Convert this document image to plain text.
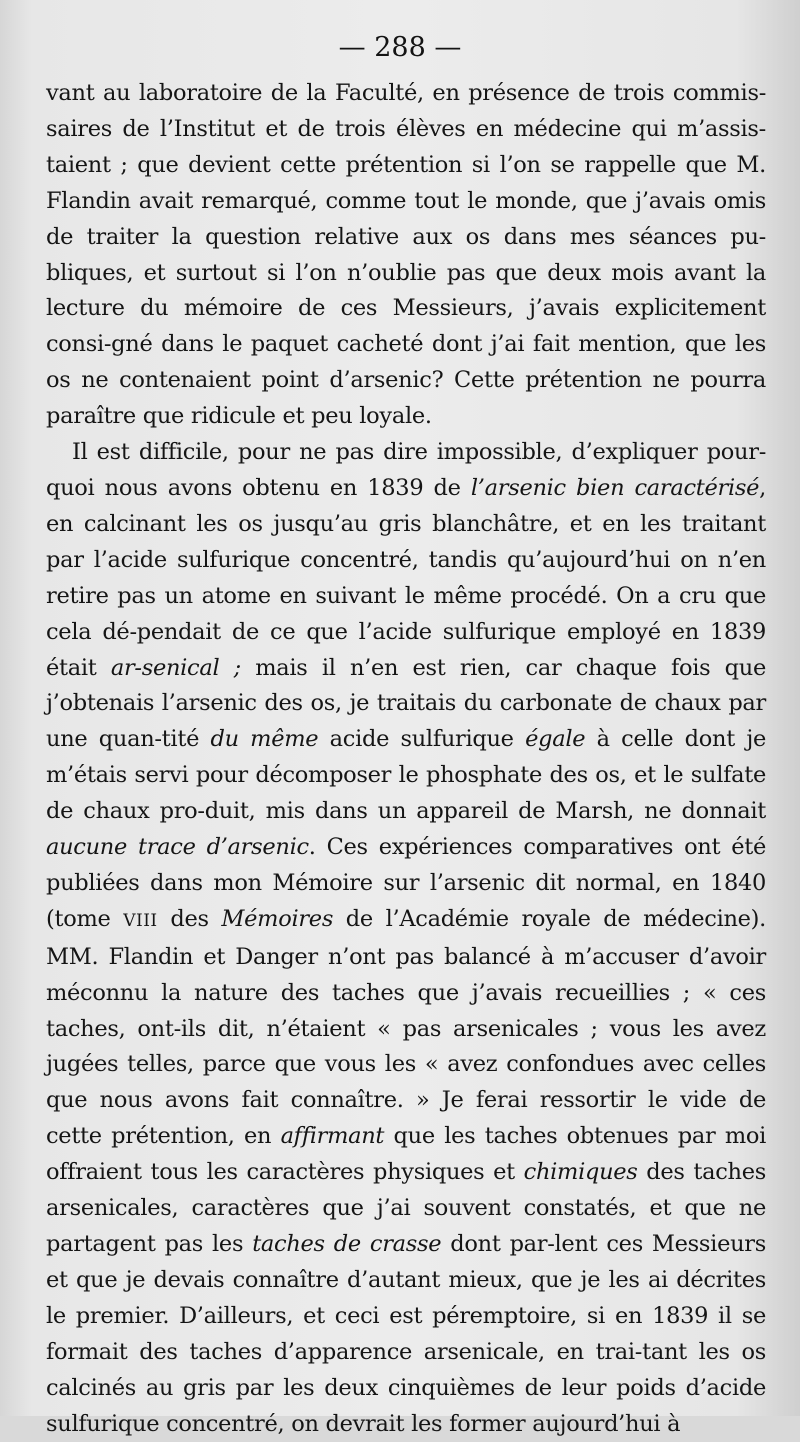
— 288 —

vant au laboratoire de la Faculté, en présence de trois commis-saires de l’Institut et de trois élèves en médecine qui m’assis-taient ; que devient cette prétention si l’on se rappelle que M. Flandin avait remarqué, comme tout le monde, que j’avais omis de traiter la question relative aux os dans mes séances pu-bliques, et surtout si l’on n’oublie pas que deux mois avant la lecture du mémoire de ces Messieurs, j’avais explicitement consi-gné dans le paquet cacheté dont j’ai fait mention, que les os ne contenaient point d’arsenic? Cette prétention ne pourra paraître que ridicule et peu loyale.

Il est difficile, pour ne pas dire impossible, d’expliquer pour-quoi nous avons obtenu en 1839 de l’arsenic bien caractérisé, en calcinant les os jusqu’au gris blanchâtre, et en les traitant par l’acide sulfurique concentré, tandis qu’aujourd’hui on n’en retire pas un atome en suivant le même procédé. On a cru que cela dé-pendait de ce que l’acide sulfurique employé en 1839 était ar-senical ; mais il n’en est rien, car chaque fois que j’obtenais l’arsenic des os, je traitais du carbonate de chaux par une quan-tité du même acide sulfurique égale à celle dont je m’étais servi pour décomposer le phosphate des os, et le sulfate de chaux pro-duit, mis dans un appareil de Marsh, ne donnait aucune trace d’arsenic. Ces expériences comparatives ont été publiées dans mon Mémoire sur l’arsenic dit normal, en 1840 (tome VIII des Mémoires de l’Académie royale de médecine). MM. Flandin et Danger n’ont pas balancé à m’accuser d’avoir méconnu la nature des taches que j’avais recueillies ; « ces taches, ont-ils dit, n’étaient « pas arsenicales ; vous les avez jugées telles, parce que vous les « avez confondues avec celles que nous avons fait connaître. » Je ferai ressortir le vide de cette prétention, en affirmant que les taches obtenues par moi offraient tous les caractères physiques et chimiques des taches arsenicales, caractères que j’ai souvent constatés, et que ne partagent pas les taches de crasse dont par-lent ces Messieurs et que je devais connaître d’autant mieux, que je les ai décrites le premier. D’ailleurs, et ceci est péremptoire, si en 1839 il se formait des taches d’apparence arsenicale, en trai-tant les os calcinés au gris par les deux cinquièmes de leur poids d’acide sulfurique concentré, on devrait les former aujourd’hui à
